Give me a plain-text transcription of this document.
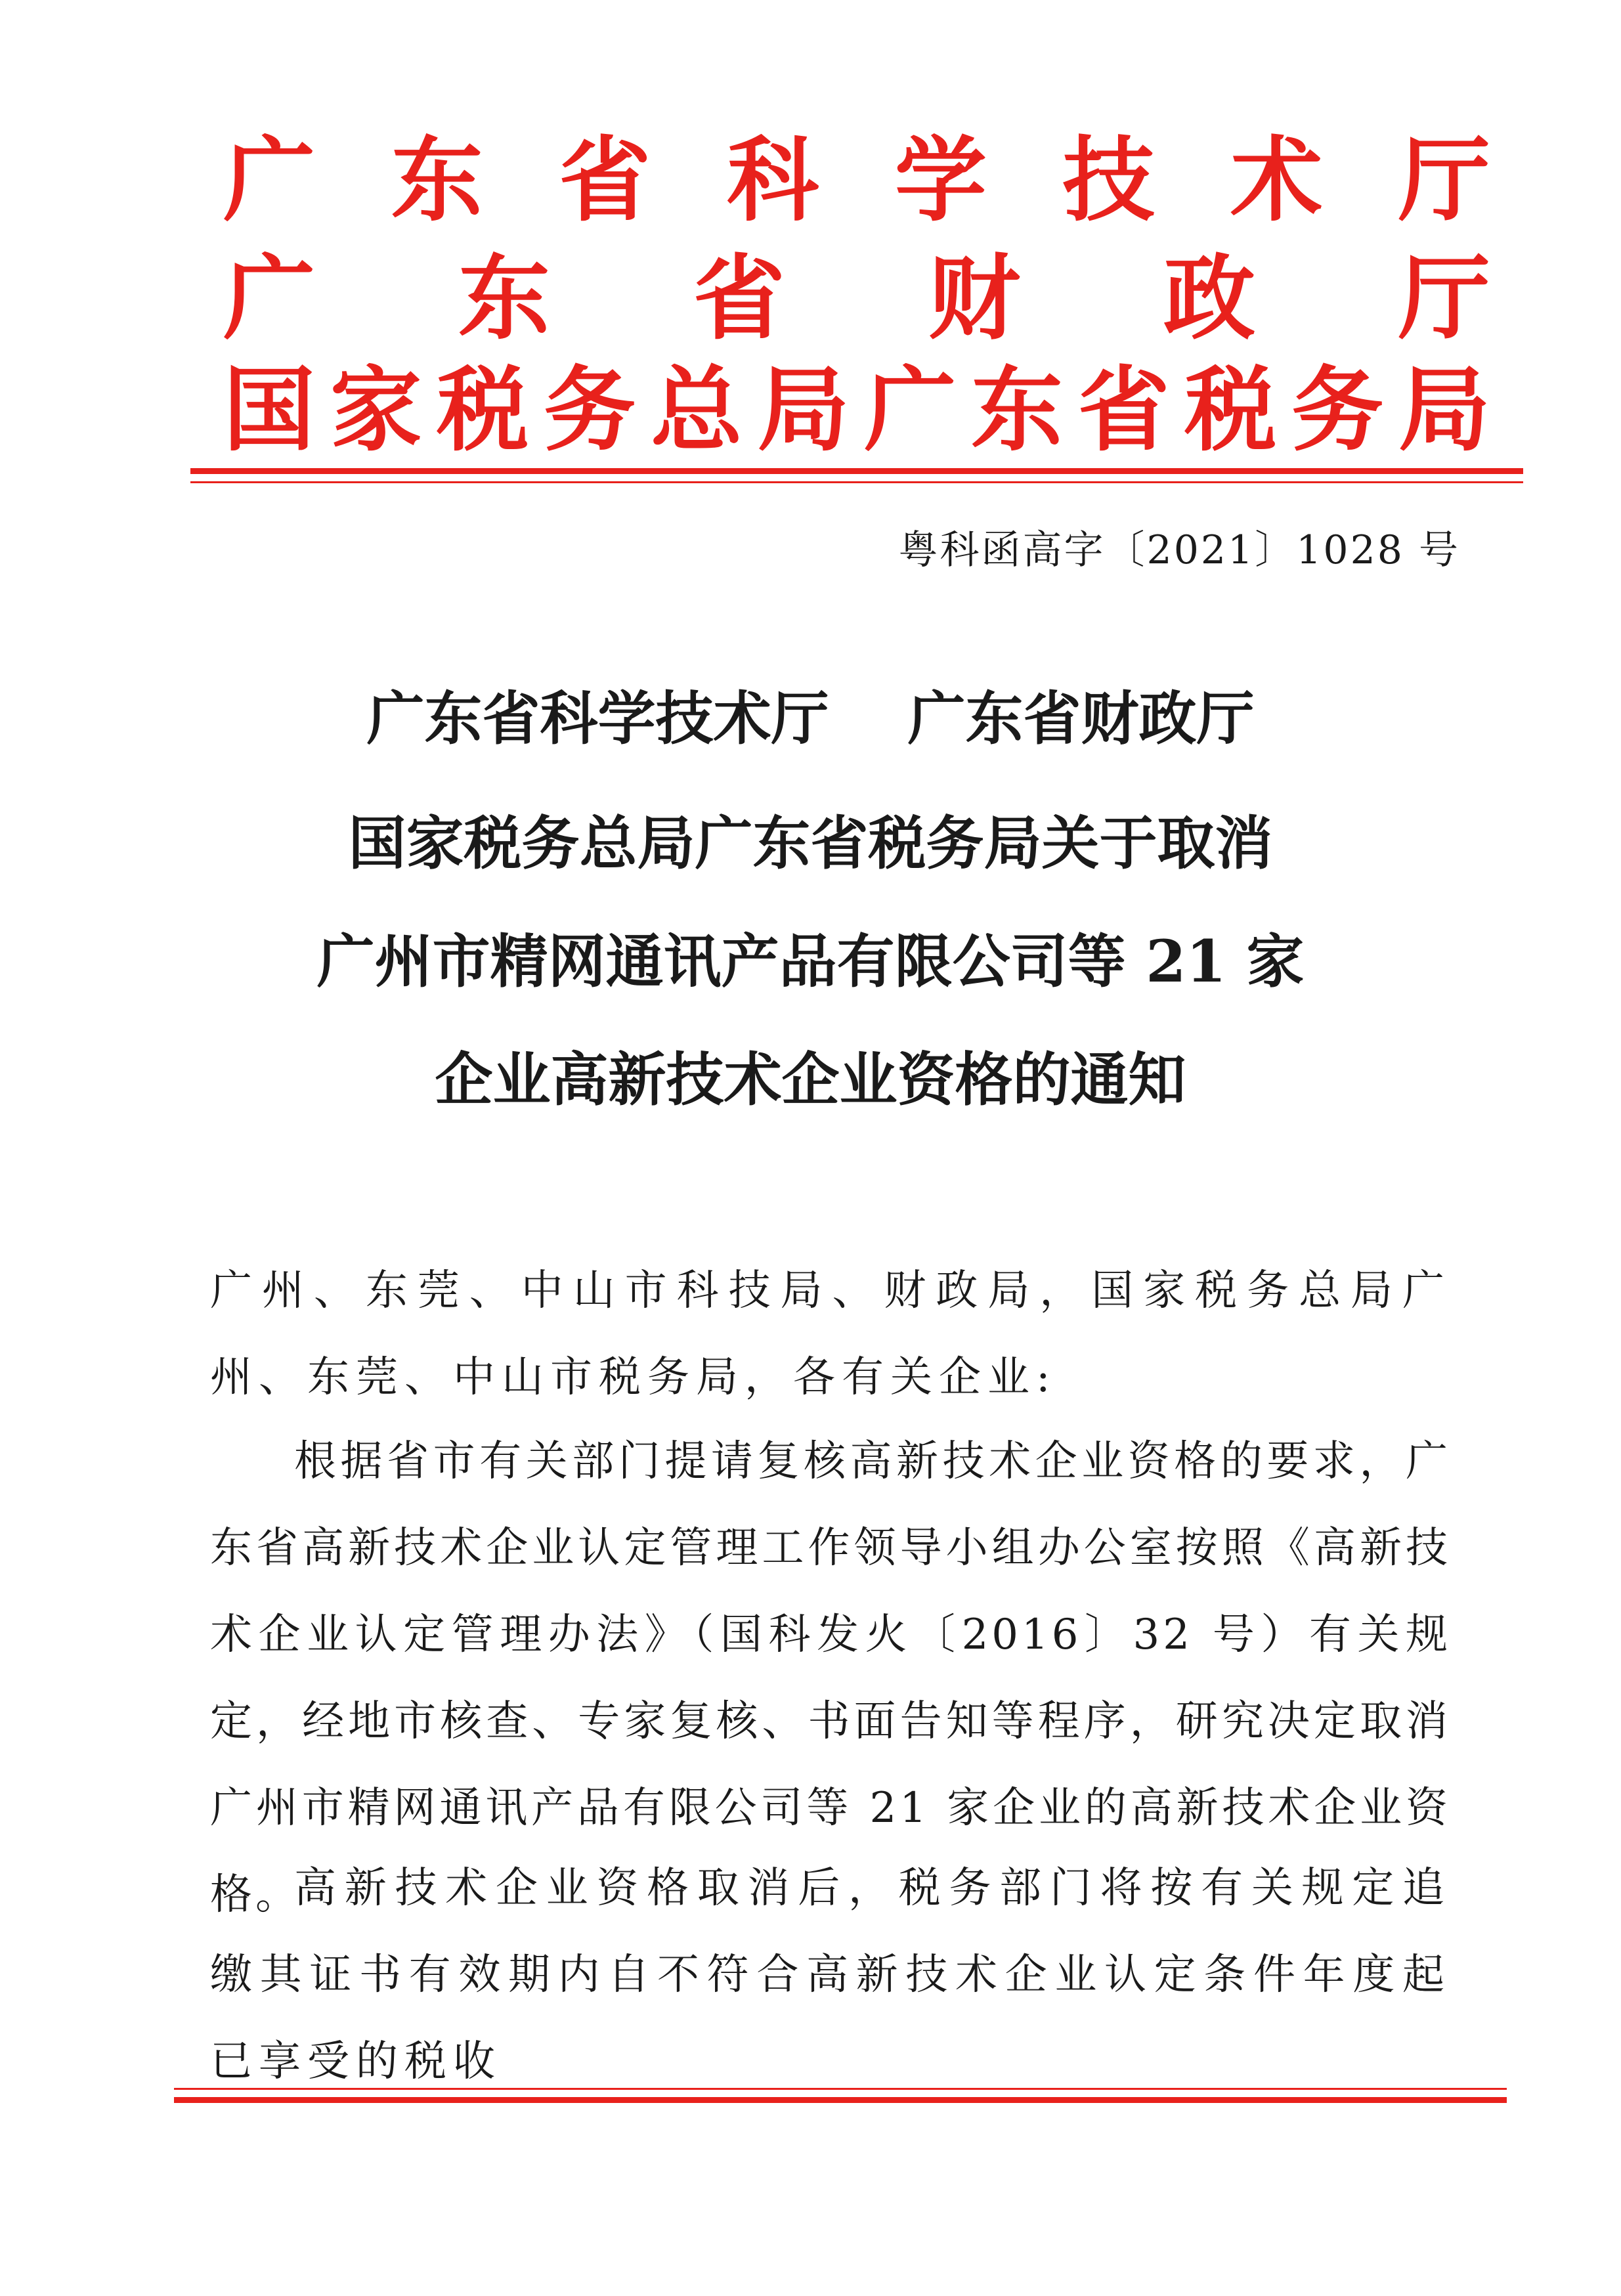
广 东 省 科 学 技 术 厅
广 东 省 财 政 厅
国 家 税 务 总 局 广 东 省 税 务 局
粤科函高字〔2021〕1028 号
广东省科学技术厅 广东省财政厅
国家税务总局广东省税务局关于取消
广州市精网通讯产品有限公司等 21 家
企业高新技术企业资格的通知
广州、东莞、中山市科技局、财政局，国家税务总局广州、东莞、中山市税务局，各有关企业:
根据省市有关部门提请复核高新技术企业资格的要求，广东省高新技术企业认定管理工作领导小组办公室按照《高新技术企业认定管理办法》（国科发火〔2016〕32 号）有关规定，经地市核查、专家复核、书面告知等程序，研究决定取消广州市精网通讯产品有限公司等 21 家企业的高新技术企业资格。
高新技术企业资格取消后，税务部门将按有关规定追缴其证书有效期内自不符合高新技术企业认定条件年度起已享受的税收
